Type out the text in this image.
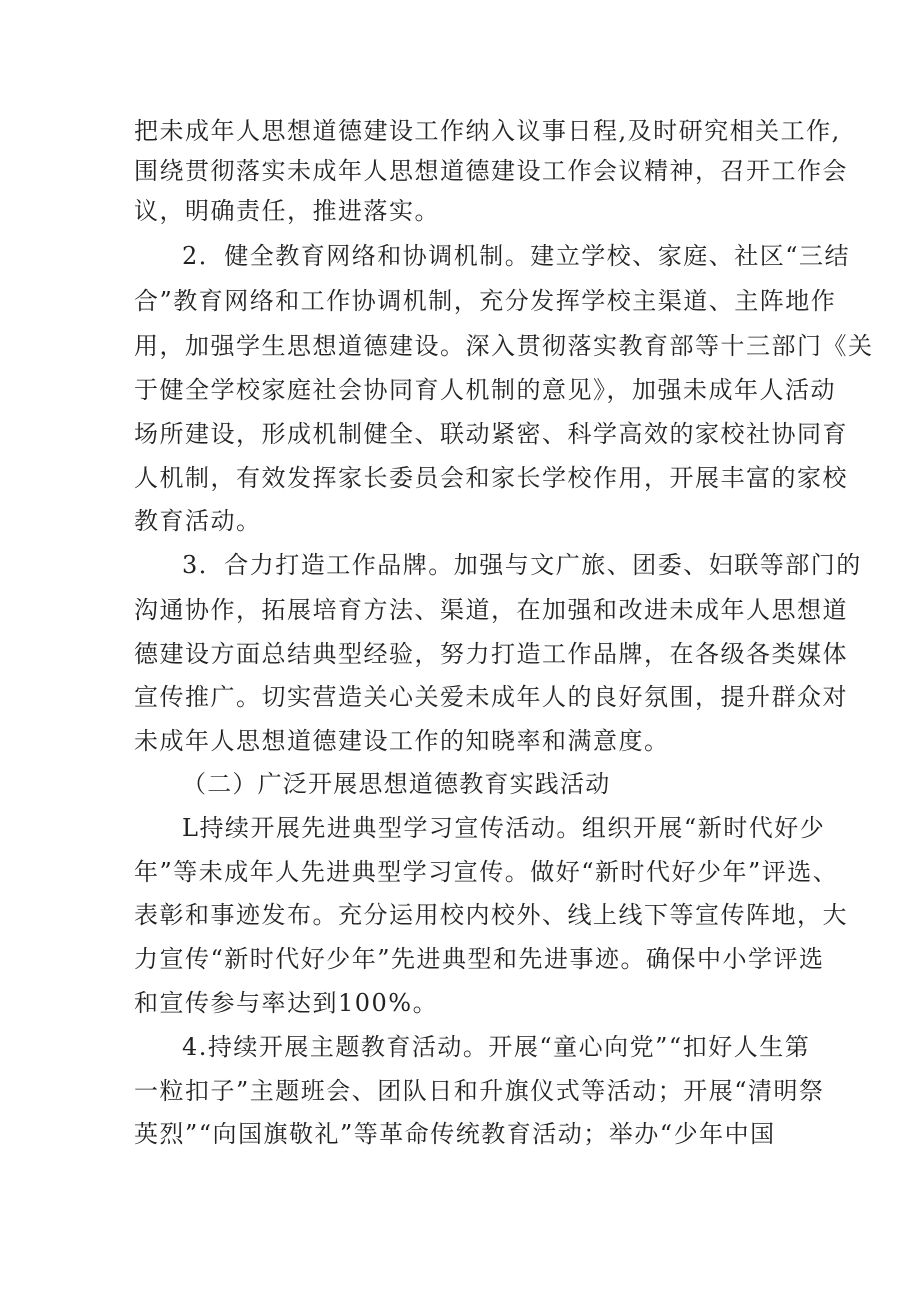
把未成年人思想道德建设工作纳入议事日程,及时研究相关工作,
围绕贯彻落实未成年人思想道德建设工作会议精神，召开工作会
议，明确责任，推进落实。
2．健全教育网络和协调机制。建立学校、家庭、社区“三结
合”教育网络和工作协调机制，充分发挥学校主渠道、主阵地作
用，加强学生思想道德建设。深入贯彻落实教育部等十三部门《关
于健全学校家庭社会协同育人机制的意见》，加强未成年人活动
场所建设，形成机制健全、联动紧密、科学高效的家校社协同育
人机制，有效发挥家长委员会和家长学校作用，开展丰富的家校
教育活动。
3．合力打造工作品牌。加强与文广旅、团委、妇联等部门的
沟通协作，拓展培育方法、渠道，在加强和改进未成年人思想道
德建设方面总结典型经验，努力打造工作品牌，在各级各类媒体
宣传推广。切实营造关心关爱未成年人的良好氛围，提升群众对
未成年人思想道德建设工作的知晓率和满意度。
（二）广泛开展思想道德教育实践活动
L持续开展先进典型学习宣传活动。组织开展“新时代好少
年”等未成年人先进典型学习宣传。做好“新时代好少年”评选、
表彰和事迹发布。充分运用校内校外、线上线下等宣传阵地，大
力宣传“新时代好少年”先进典型和先进事迹。确保中小学评选
和宣传参与率达到100%。
4.持续开展主题教育活动。开展“童心向党”“扣好人生第
一粒扣子”主题班会、团队日和升旗仪式等活动；开展“清明祭
英烈”“向国旗敬礼”等革命传统教育活动；举办“少年中国
